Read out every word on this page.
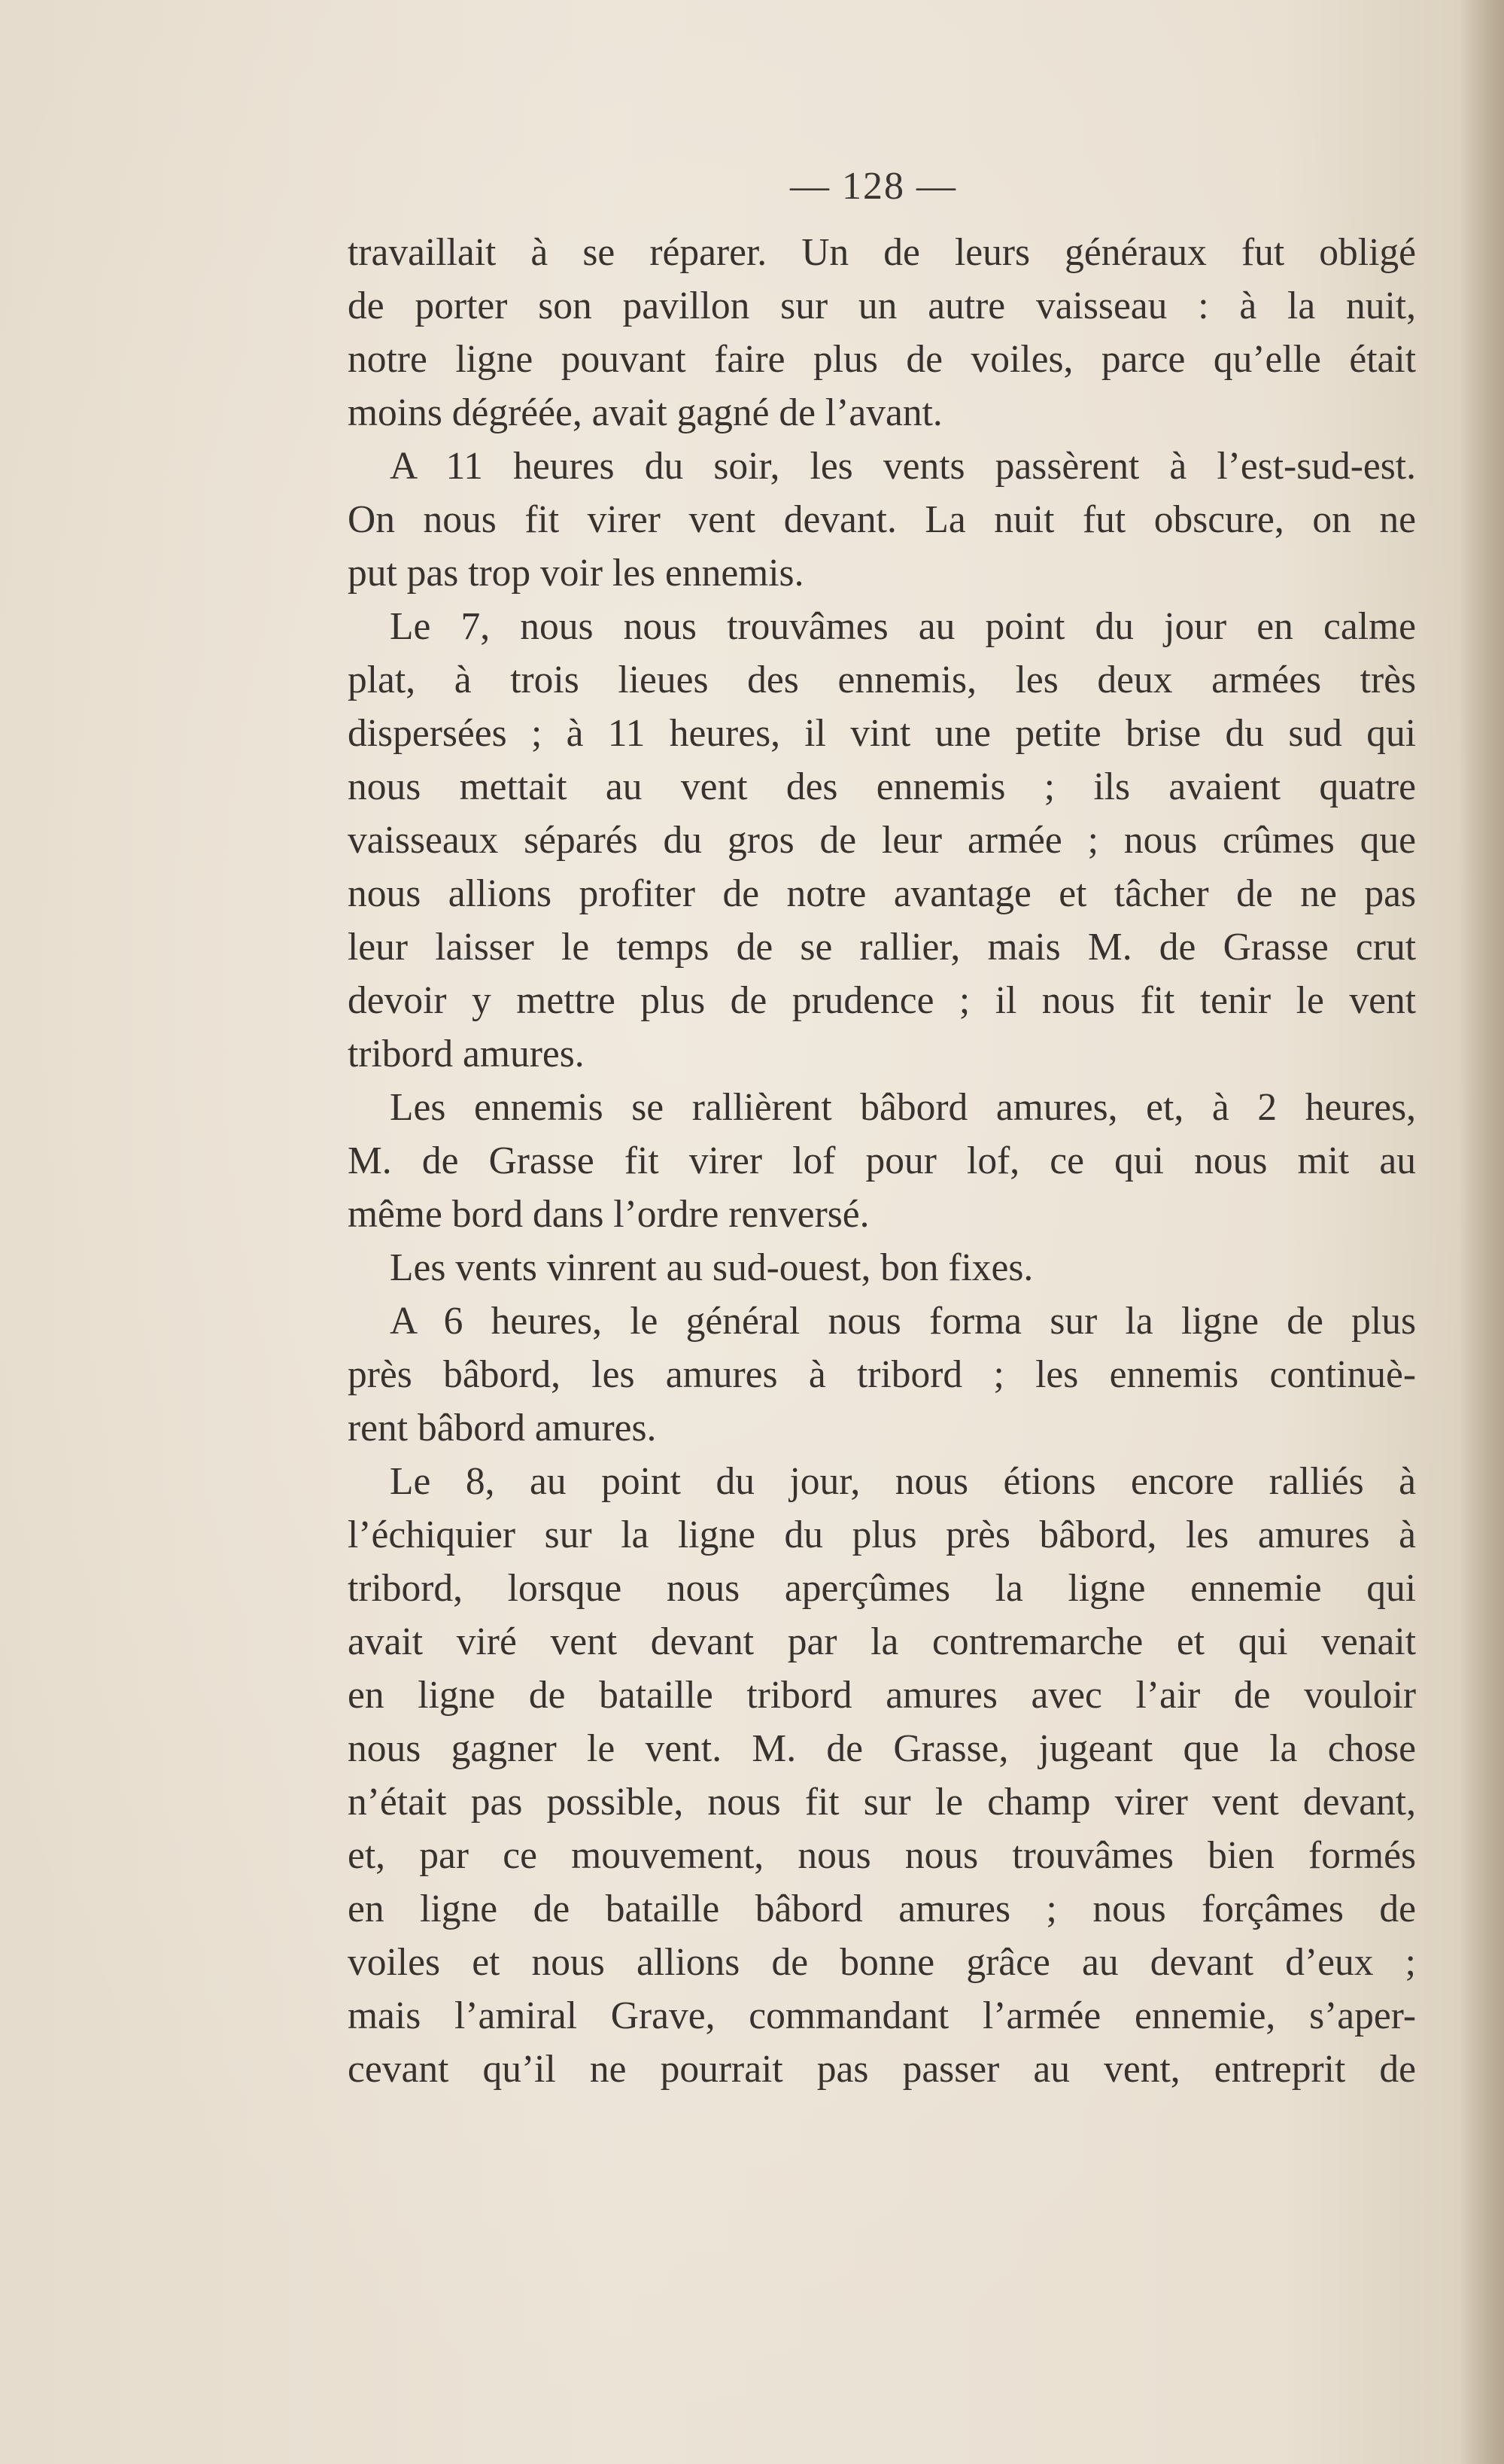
— 128 —
travaillait à se réparer. Un de leurs généraux fut obligé
de porter son pavillon sur un autre vaisseau : à la nuit,
notre ligne pouvant faire plus de voiles, parce qu’elle était
moins dégréée, avait gagné de l’avant.
A 11 heures du soir, les vents passèrent à l’est-sud-est.
On nous fit virer vent devant. La nuit fut obscure, on ne
put pas trop voir les ennemis.
Le 7, nous nous trouvâmes au point du jour en calme
plat, à trois lieues des ennemis, les deux armées très
dispersées ; à 11 heures, il vint une petite brise du sud qui
nous mettait au vent des ennemis ; ils avaient quatre
vaisseaux séparés du gros de leur armée ; nous crûmes que
nous allions profiter de notre avantage et tâcher de ne pas
leur laisser le temps de se rallier, mais M. de Grasse crut
devoir y mettre plus de prudence ; il nous fit tenir le vent
tribord amures.
Les ennemis se rallièrent bâbord amures, et, à 2 heures,
M. de Grasse fit virer lof pour lof, ce qui nous mit au
même bord dans l’ordre renversé.
Les vents vinrent au sud-ouest, bon fixes.
A 6 heures, le général nous forma sur la ligne de plus
près bâbord, les amures à tribord ; les ennemis continuè-
rent bâbord amures.
Le 8, au point du jour, nous étions encore ralliés à
l’échiquier sur la ligne du plus près bâbord, les amures à
tribord, lorsque nous aperçûmes la ligne ennemie qui
avait viré vent devant par la contremarche et qui venait
en ligne de bataille tribord amures avec l’air de vouloir
nous gagner le vent. M. de Grasse, jugeant que la chose
n’était pas possible, nous fit sur le champ virer vent devant,
et, par ce mouvement, nous nous trouvâmes bien formés
en ligne de bataille bâbord amures ; nous forçâmes de
voiles et nous allions de bonne grâce au devant d’eux ;
mais l’amiral Grave, commandant l’armée ennemie, s’aper-
cevant qu’il ne pourrait pas passer au vent, entreprit de
